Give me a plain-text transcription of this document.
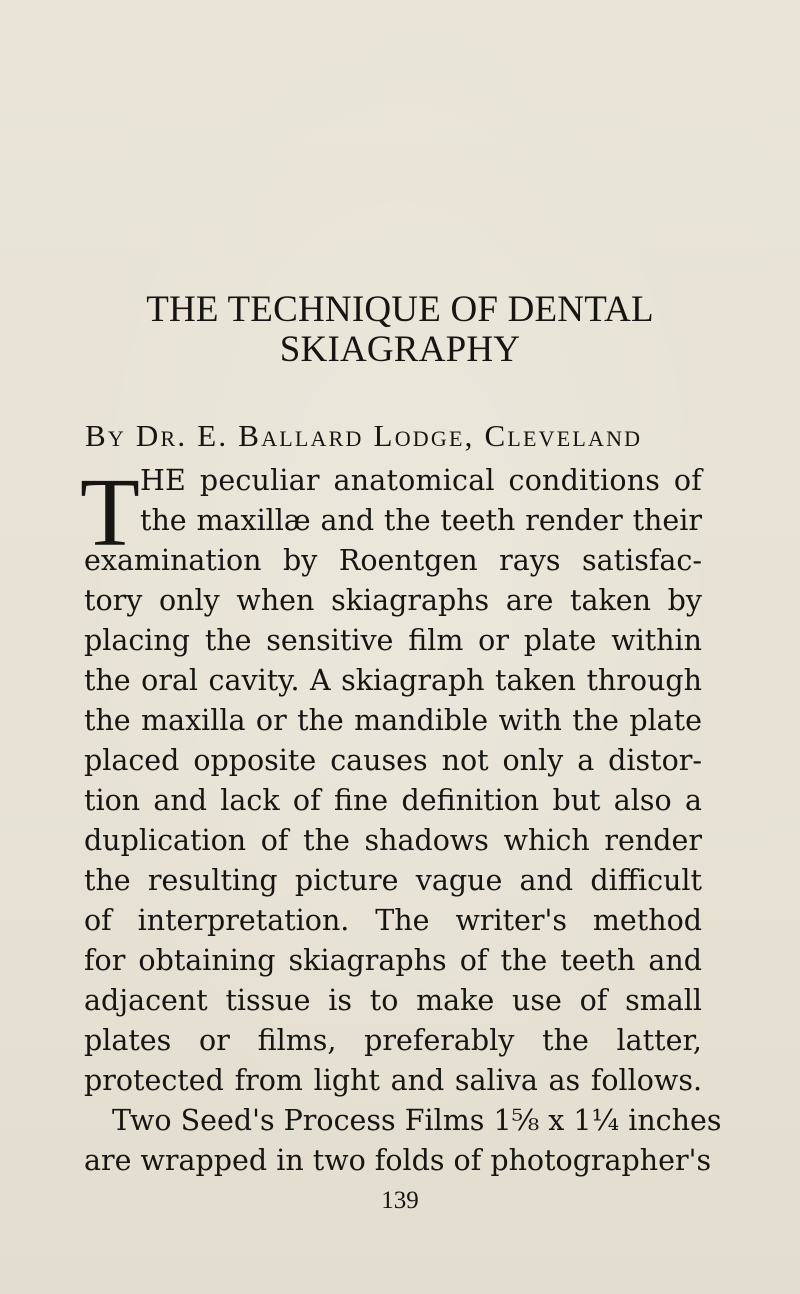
THE TECHNIQUE OF DENTAL
SKIAGRAPHY
By Dr. E. Ballard Lodge, Cleveland
T HE peculiar anatomical conditions of
the maxillæ and the teeth render their
examination by Roentgen rays satisfac-
tory only when skiagraphs are taken by
placing the sensitive film or plate within
the oral cavity. A skiagraph taken through
the maxilla or the mandible with the plate
placed opposite causes not only a distor-
tion and lack of fine definition but also a
duplication of the shadows which render
the resulting picture vague and difficult
of interpretation. The writer's method
for obtaining skiagraphs of the teeth and
adjacent tissue is to make use of small
plates or films, preferably the latter,
protected from light and saliva as follows.
Two Seed's Process Films 1⅝ x 1¼ inches
are wrapped in two folds of photographer's
139
